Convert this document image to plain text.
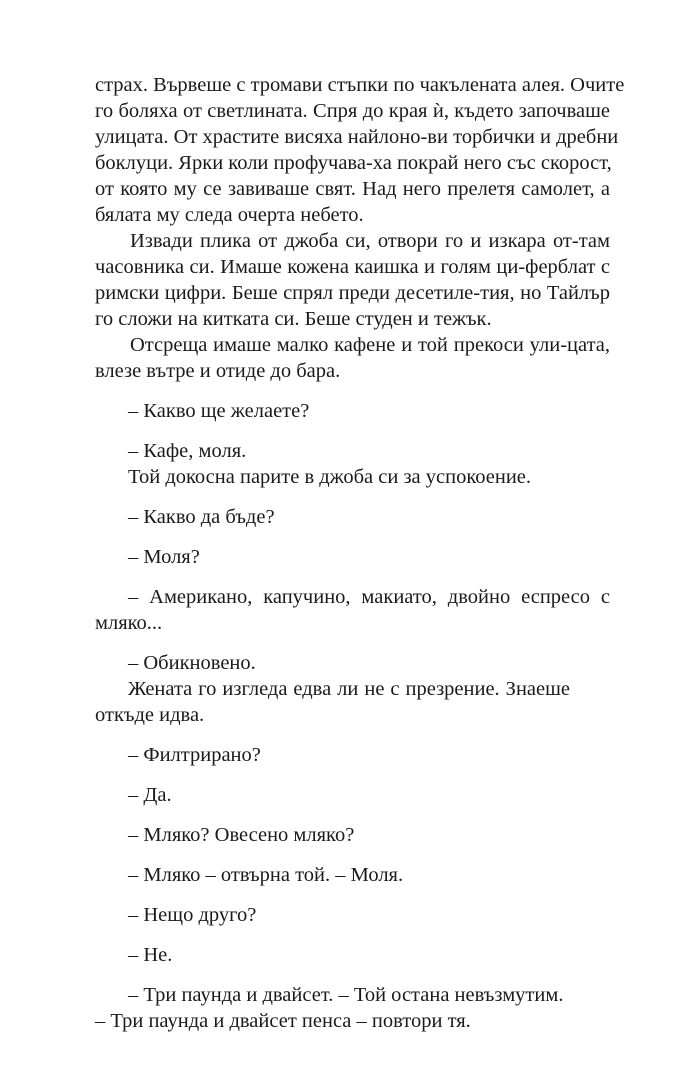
страх. Вървеше с тромави стъпки по чакълената алея. Очите
го боляха от светлината. Спря до края ѝ, където започваше
улицата. От храстите висяха найлоно-ви торбички и дребни
боклуци. Ярки коли профучава-ха покрай него със скорост,
от която му се завиваше свят. Над него прелетя самолет, а
бялата му следа очерта небето.
Извади плика от джоба си, отвори го и изкара от-там
часовника си. Имаше кожена каишка и голям ци-ферблат с
римски цифри. Беше спрял преди десетиле-тия, но Тайлър
го сложи на китката си. Беше студен и тежък.
Отсреща имаше малко кафене и той прекоси ули-цата,
влезе вътре и отиде до бара.
– Какво ще желаете?
– Кафе, моля.
Той докосна парите в джоба си за успокоение.
– Какво да бъде?
– Моля?
– Американо, капучино, макиато, двойно еспресо с
мляко...
– Обикновено.
Жената го изгледа едва ли не с презрение. Знаеше
откъде идва.
– Филтрирано?
– Да.
– Мляко? Овесено мляко?
– Мляко – отвърна той. – Моля.
– Нещо друго?
– Не.
– Три паунда и двайсет. – Той остана невъзмутим.
– Три паунда и двайсет пенса – повтори тя.
